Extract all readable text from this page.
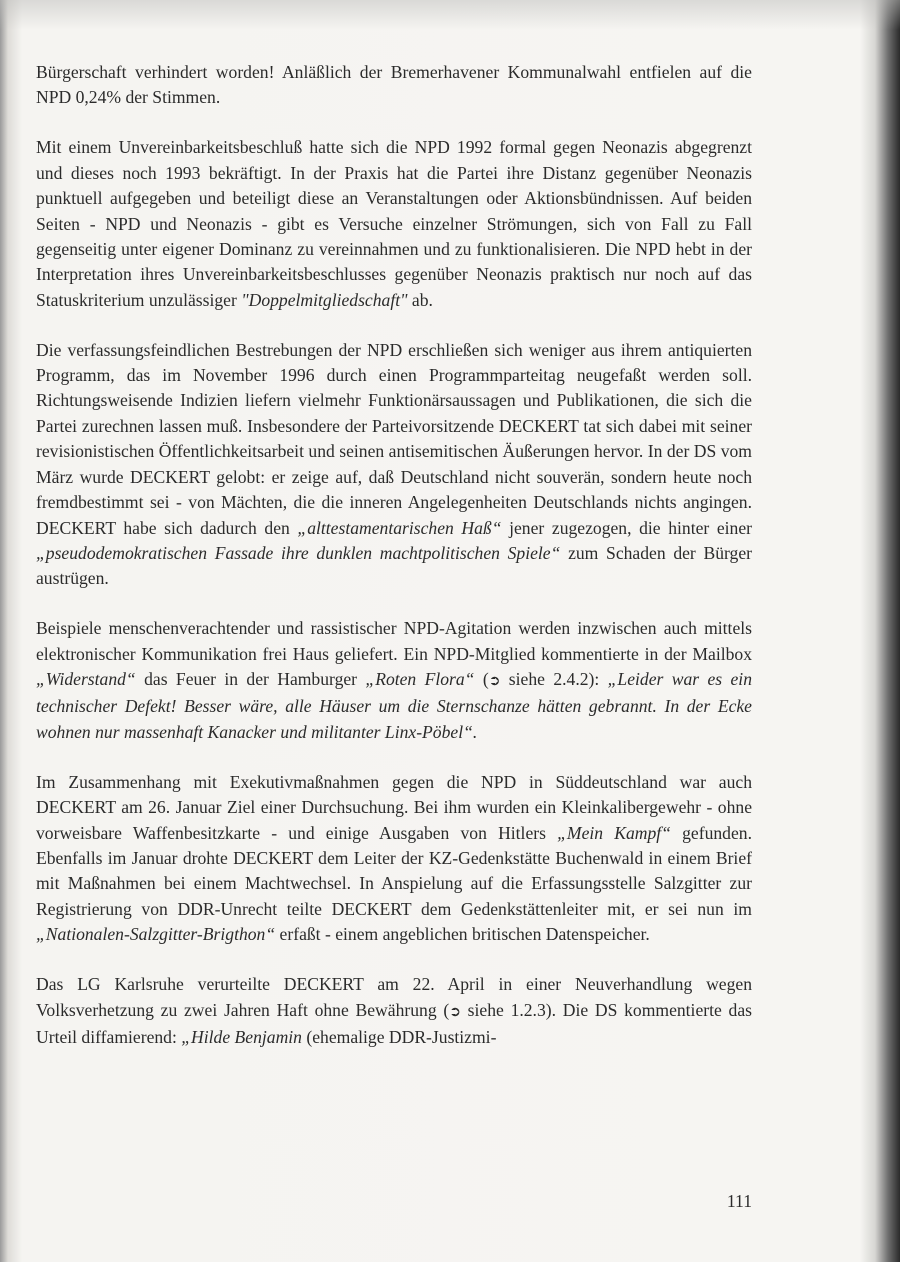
Bürgerschaft verhindert worden! Anläßlich der Bremerhavener Kommunalwahl entfielen auf die NPD 0,24% der Stimmen.

Mit einem Unvereinbarkeitsbeschluß hatte sich die NPD 1992 formal gegen Neonazis abgegrenzt und dieses noch 1993 bekräftigt. In der Praxis hat die Partei ihre Distanz gegenüber Neonazis punktuell aufgegeben und beteiligt diese an Veranstaltungen oder Aktionsbündnissen. Auf beiden Seiten - NPD und Neonazis - gibt es Versuche einzelner Strömungen, sich von Fall zu Fall gegenseitig unter eigener Dominanz zu vereinnahmen und zu funktionalisieren. Die NPD hebt in der Interpretation ihres Unvereinbarkeitsbeschlusses gegenüber Neonazis praktisch nur noch auf das Statuskriterium unzulässiger "Doppelmitgliedschaft" ab.

Die verfassungsfeindlichen Bestrebungen der NPD erschließen sich weniger aus ihrem antiquierten Programm, das im November 1996 durch einen Programmparteitag neugefaßt werden soll. Richtungsweisende Indizien liefern vielmehr Funktionärsaussagen und Publikationen, die sich die Partei zurechnen lassen muß. Insbesondere der Parteivorsitzende DECKERT tat sich dabei mit seiner revisionistischen Öffentlichkeitsarbeit und seinen antisemitischen Äußerungen hervor. In der DS vom März wurde DECKERT gelobt: er zeige auf, daß Deutschland nicht souverän, sondern heute noch fremdbestimmt sei - von Mächten, die die inneren Angelegenheiten Deutschlands nichts angingen. DECKERT habe sich dadurch den „alttestamentarischen Haß“ jener zugezogen, die hinter einer „pseudodemokratischen Fassade ihre dunklen machtpolitischen Spiele“ zum Schaden der Bürger austrügen.

Beispiele menschenverachtender und rassistischer NPD-Agitation werden inzwischen auch mittels elektronischer Kommunikation frei Haus geliefert. Ein NPD-Mitglied kommentierte in der Mailbox „Widerstand“ das Feuer in der Hamburger „Roten Flora“ (➲ siehe 2.4.2): „Leider war es ein technischer Defekt! Besser wäre, alle Häuser um die Sternschanze hätten gebrannt. In der Ecke wohnen nur massenhaft Kanacker und militanter Linx-Pöbel“.

Im Zusammenhang mit Exekutivmaßnahmen gegen die NPD in Süddeutschland war auch DECKERT am 26. Januar Ziel einer Durchsuchung. Bei ihm wurden ein Kleinkalibergewehr - ohne vorweisbare Waffenbesitzkarte - und einige Ausgaben von Hitlers „Mein Kampf“ gefunden. Ebenfalls im Januar drohte DECKERT dem Leiter der KZ-Gedenkstätte Buchenwald in einem Brief mit Maßnahmen bei einem Machtwechsel. In Anspielung auf die Erfassungsstelle Salzgitter zur Registrierung von DDR-Unrecht teilte DECKERT dem Gedenkstättenleiter mit, er sei nun im „Nationalen-Salzgitter-Brigthon“ erfaßt - einem angeblichen britischen Datenspeicher.

Das LG Karlsruhe verurteilte DECKERT am 22. April in einer Neuverhandlung wegen Volksverhetzung zu zwei Jahren Haft ohne Bewährung (➲ siehe 1.2.3). Die DS kommentierte das Urteil diffamierend: „Hilde Benjamin (ehemalige DDR-Justizmi-

111
